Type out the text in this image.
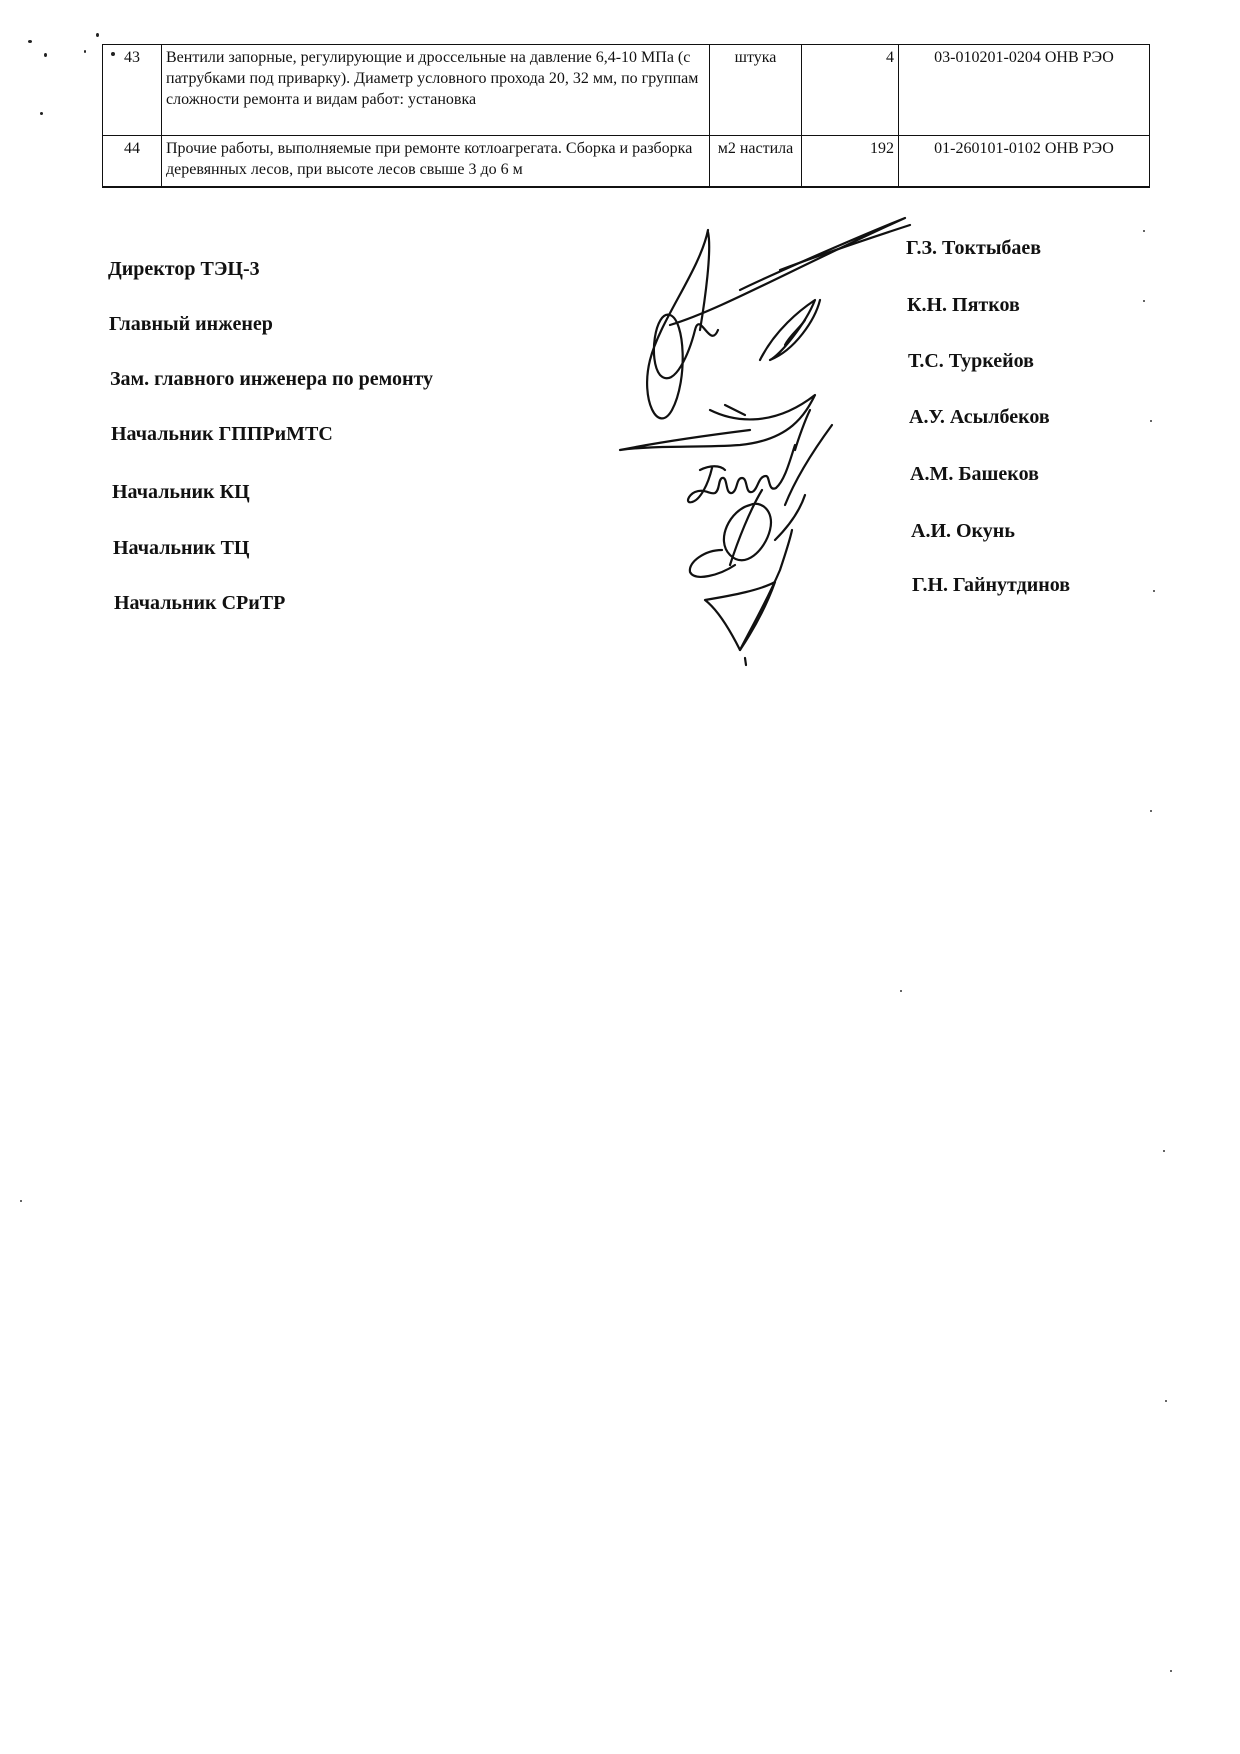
43	Вентили запорные, регулирующие и дроссельные на давление 6,4-10 МПа (с патрубками под приварку). Диаметр условного прохода 20, 32 мм, по группам сложности ремонта и видам работ: установка	штука	4	03-010201-0204 ОНВ РЭО
44	Прочие работы, выполняемые при ремонте котлоагрегата. Сборка и разборка деревянных лесов, при высоте лесов свыше 3 до 6 м	м2 настила	192	01-260101-0102 ОНВ РЭО
Директор ТЭЦ-3
Главный инженер
Зам. главного инженера по ремонту
Начальник ГППРиМТС
Начальник КЦ
Начальник ТЦ
Начальник СРиТР
Г.З. Токтыбаев
К.Н. Пятков
Т.С. Туркейов
А.У. Асылбеков
А.М. Башеков
А.И. Окунь
Г.Н. Гайнутдинов
